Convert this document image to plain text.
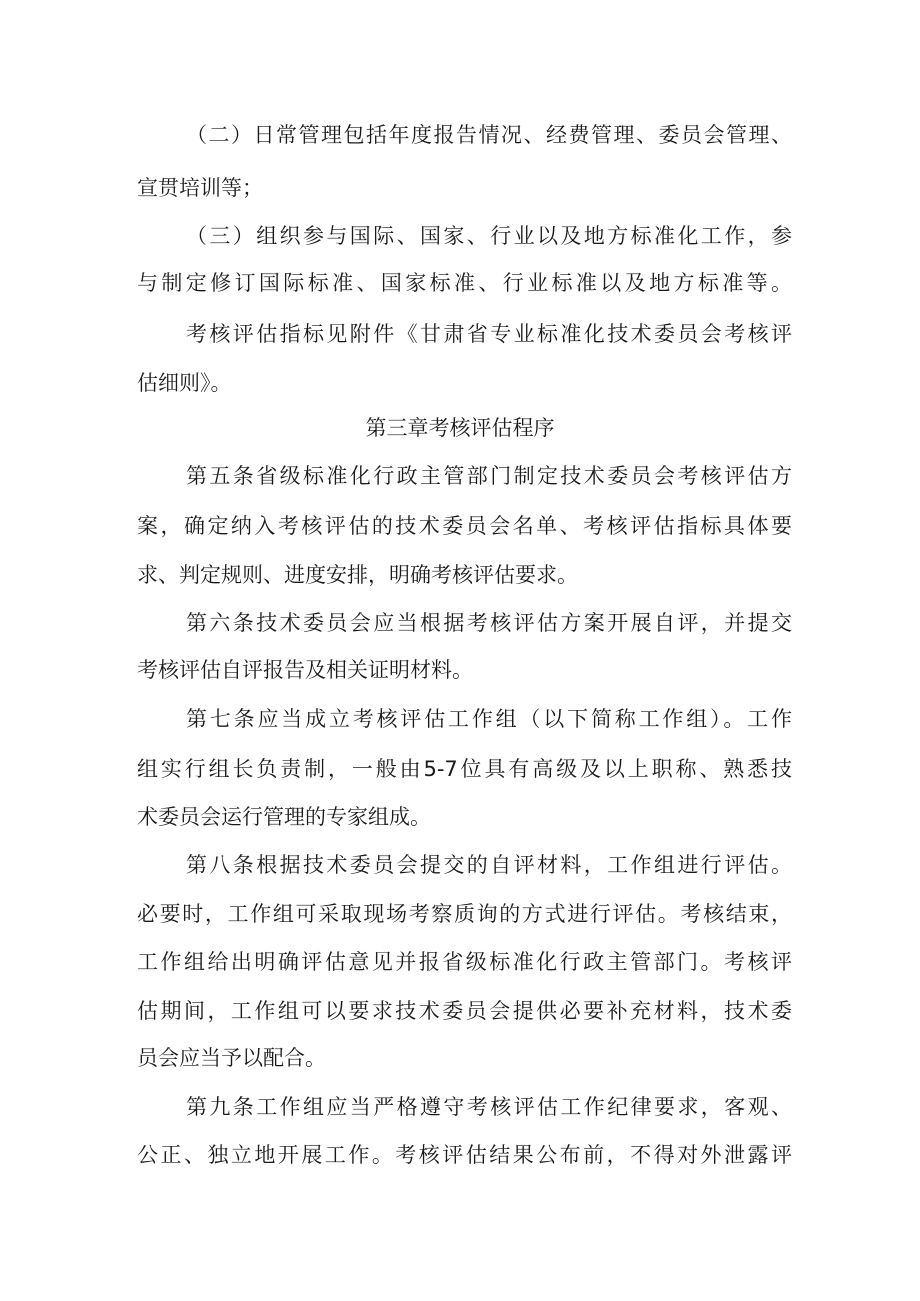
（二）日常管理包括年度报告情况、经费管理、委员会管理、
宣贯培训等；
（三）组织参与国际、国家、行业以及地方标准化工作，参
与制定修订国际标准、国家标准、行业标准以及地方标准等。
考核评估指标见附件《甘肃省专业标准化技术委员会考核评
估细则》。
第三章考核评估程序
第五条省级标准化行政主管部门制定技术委员会考核评估方
案，确定纳入考核评估的技术委员会名单、考核评估指标具体要
求、判定规则、进度安排，明确考核评估要求。
第六条技术委员会应当根据考核评估方案开展自评，并提交
考核评估自评报告及相关证明材料。
第七条应当成立考核评估工作组（以下简称工作组）。工作
组实行组长负责制，一般由5-7位具有高级及以上职称、熟悉技
术委员会运行管理的专家组成。
第八条根据技术委员会提交的自评材料，工作组进行评估。
必要时，工作组可采取现场考察质询的方式进行评估。考核结束，
工作组给出明确评估意见并报省级标准化行政主管部门。考核评
估期间，工作组可以要求技术委员会提供必要补充材料，技术委
员会应当予以配合。
第九条工作组应当严格遵守考核评估工作纪律要求，客观、
公正、独立地开展工作。考核评估结果公布前，不得对外泄露评
